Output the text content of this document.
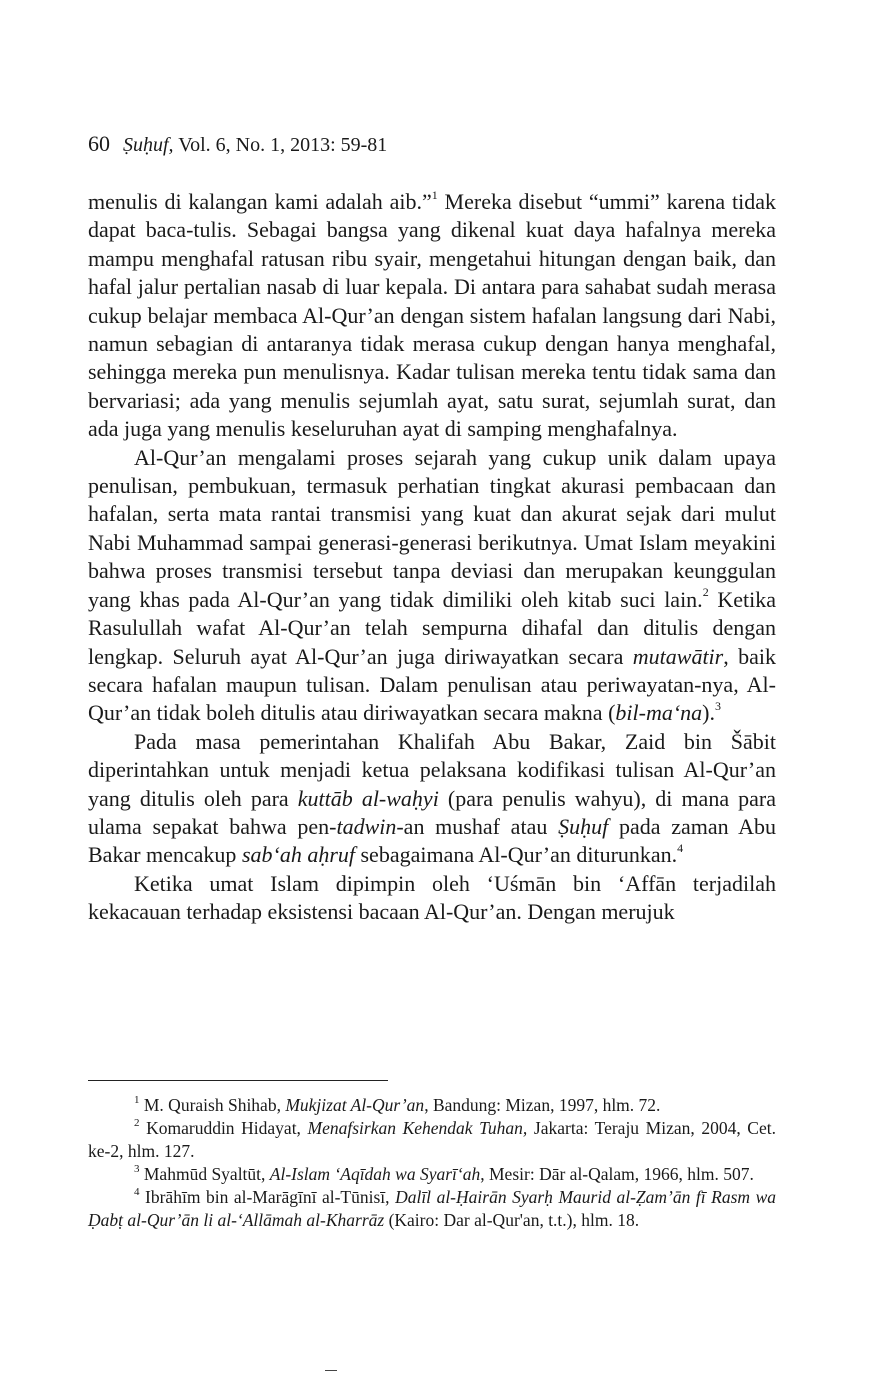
60 Ṣuḥuf, Vol. 6, No. 1, 2013: 59-81

menulis di kalangan kami adalah aib.”$^1$ Mereka disebut “ummi” karena tidak dapat baca-tulis. Sebagai bangsa yang dikenal kuat daya hafalnya mereka mampu menghafal ratusan ribu syair, mengetahui hitungan dengan baik, dan hafal jalur pertalian nasab di luar kepala. Di antara para sahabat sudah merasa cukup belajar membaca Al-Qur’an dengan sistem hafalan langsung dari Nabi, namun sebagian di antaranya tidak merasa cukup dengan hanya menghafal, sehingga mereka pun menulisnya. Kadar tulisan mereka tentu tidak sama dan bervariasi; ada yang menulis sejumlah ayat, satu surat, sejumlah surat, dan ada juga yang menulis keseluruhan ayat di samping menghafalnya.

Al-Qur’an mengalami proses sejarah yang cukup unik dalam upaya penulisan, pembukuan, termasuk perhatian tingkat akurasi pembacaan dan hafalan, serta mata rantai transmisi yang kuat dan akurat sejak dari mulut Nabi Muhammad sampai generasi-generasi berikutnya. Umat Islam meyakini bahwa proses transmisi tersebut tanpa deviasi dan merupakan keunggulan yang khas pada Al-Qur’an yang tidak dimiliki oleh kitab suci lain.$^2$ Ketika Rasulullah wafat Al-Qur’an telah sempurna dihafal dan ditulis dengan lengkap. Seluruh ayat Al-Qur’an juga diriwayatkan secara mutawātir, baik secara hafalan maupun tulisan. Dalam penulisan atau periwayatan-nya, Al-Qur’an tidak boleh ditulis atau diriwayatkan secara makna (bil-ma‘na).$^3$

Pada masa pemerintahan Khalifah Abu Bakar, Zaid bin Šābit diperintahkan untuk menjadi ketua pelaksana kodifikasi tulisan Al-Qur’an yang ditulis oleh para kuttāb al-waḥyi (para penulis wahyu), di mana para ulama sepakat bahwa pen-tadwin-an mushaf atau Ṣuḥuf pada zaman Abu Bakar mencakup sab‘ah aḥruf sebagaimana Al-Qur’an diturunkan.$^4$

Ketika umat Islam dipimpin oleh ‘Uśmān bin ‘Affān terjadilah kekacauan terhadap eksistensi bacaan Al-Qur’an. Dengan merujuk

$^1$ M. Quraish Shihab, Mukjizat Al-Qur’an, Bandung: Mizan, 1997, hlm. 72.

$^2$ Komaruddin Hidayat, Menafsirkan Kehendak Tuhan, Jakarta: Teraju Mizan, 2004, Cet. ke-2, hlm. 127.

$^3$ Mahmūd Syaltūt, Al-Islam ‘Aqīdah wa Syarī‘ah, Mesir: Dār al-Qalam, 1966, hlm. 507.

$^4$ Ibrāhīm bin al-Marāgīnī al-Tūnisī, Dalīl al-Ḥairān Syarḥ Maurid al-Ẓam’ān fī Rasm wa Ḍabṭ al-Qur’ān li al-‘Allāmah al-Kharrāz (Kairo: Dar al-Qur'an, t.t.), hlm. 18.
